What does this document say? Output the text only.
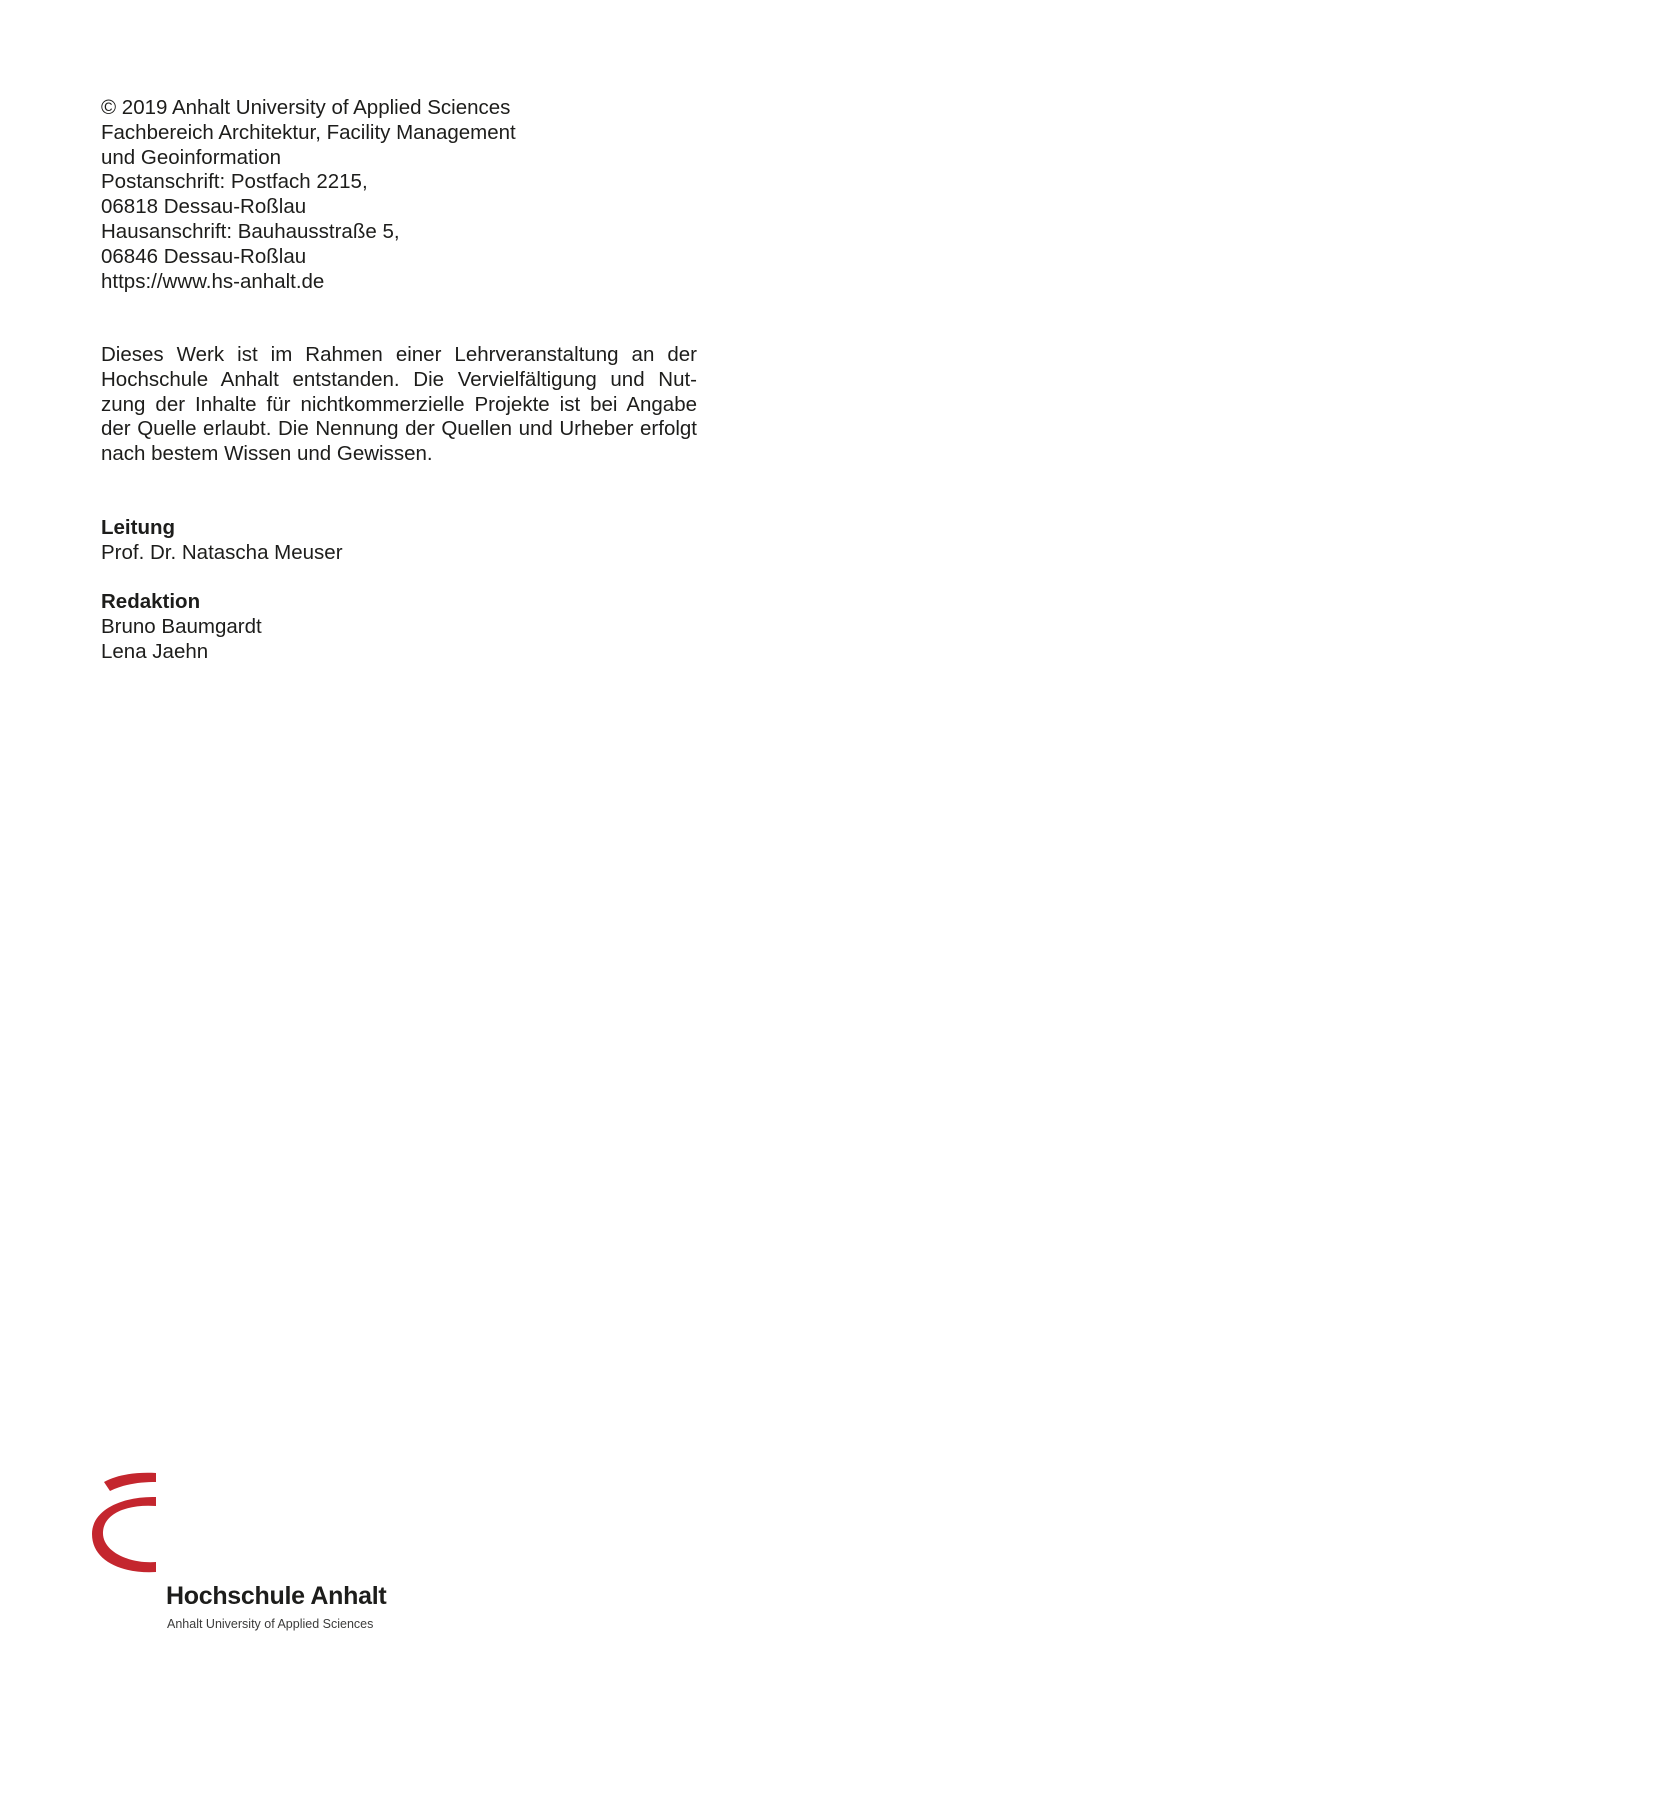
© 2019 Anhalt University of Applied Sciences
Fachbereich Architektur, Facility Management
und Geoinformation
Postanschrift: Postfach 2215,
06818 Dessau-Roßlau
Hausanschrift: Bauhausstraße 5,
06846 Dessau-Roßlau
https://www.hs-anhalt.de
Dieses Werk ist im Rahmen einer Lehrveranstaltung an der
Hochschule Anhalt entstanden. Die Vervielfältigung und Nut-
zung der Inhalte für nichtkommerzielle Projekte ist bei Angabe
der Quelle erlaubt. Die Nennung der Quellen und Urheber erfolgt
nach bestem Wissen und Gewissen.
Leitung
Prof. Dr. Natascha Meuser
Redaktion
Bruno Baumgardt
Lena Jaehn
Hochschule Anhalt
Anhalt University of Applied Sciences
